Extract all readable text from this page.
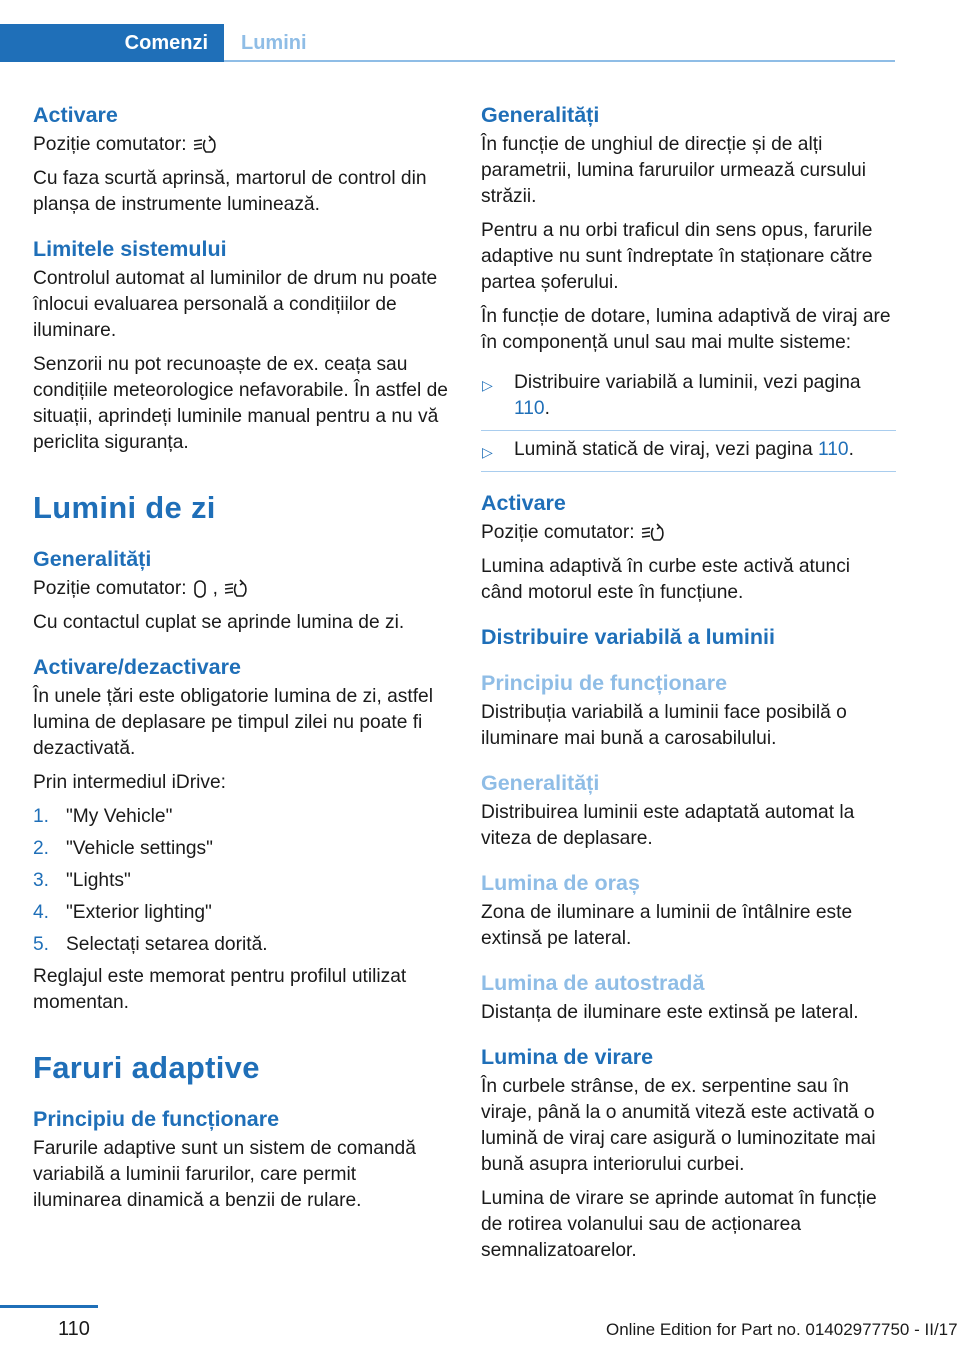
Comenzi Lumini
Activare

Poziție comutator:

Cu faza scurtă aprinsă, martorul de control din planșa de instrumente luminează.

Limitele sistemului

Controlul automat al luminilor de drum nu poate înlocui evaluarea personală a condițiilor de iluminare.

Senzorii nu pot recunoaște de ex. ceața sau condițiile meteorologice nefavorabile. În astfel de situații, aprindeți luminile manual pentru a nu vă periclita siguranța.

Lumini de zi
Generalități

Poziție comutator: ,

Cu contactul cuplat se aprinde lumina de zi.

Activare/dezactivare

În unele țări este obligatorie lumina de zi, astfel lumina de deplasare pe timpul zilei nu poate fi dezactivată.

Prin intermediul iDrive:

1. "My Vehicle"
2. "Vehicle settings"
3. "Lights"
4. "Exterior lighting"
5. Selectați setarea dorită.

Reglajul este memorat pentru profilul utilizat momentan.

Faruri adaptive
Principiu de funcționare

Farurile adaptive sunt un sistem de comandă variabilă a luminii farurilor, care permit iluminarea dinamică a benzii de rulare.

Generalități

În funcție de unghiul de direcție și de alți parametrii, lumina faruruilor urmează cursului străzii.

Pentru a nu orbi traficul din sens opus, farurile adaptive nu sunt îndreptate în staționare către partea șoferului.

În funcție de dotare, lumina adaptivă de viraj are în componență unul sau mai multe sisteme:

▷ Distribuire variabilă a luminii, vezi pagina 110.
▷ Lumină statică de viraj, vezi pagina 110.
Activare

Poziție comutator:

Lumina adaptivă în curbe este activă atunci când motorul este în funcțiune.

Distribuire variabilă a luminii
Principiu de funcționare

Distribuția variabilă a luminii face posibilă o iluminare mai bună a carosabilului.

Generalități

Distribuirea luminii este adaptată automat la viteza de deplasare.

Lumina de oraș

Zona de iluminare a luminii de întâlnire este extinsă pe lateral.

Lumina de autostradă

Distanța de iluminare este extinsă pe lateral.

Lumina de virare

În curbele strânse, de ex. serpentine sau în viraje, până la o anumită viteză este activată o lumină de viraj care asigură o luminozitate mai bună asupra interiorului curbei.

Lumina de virare se aprinde automat în funcție de rotirea volanului sau de acționarea semnalizatoarelor.

110	Online Edition for Part no. 01402977750 - II/17
